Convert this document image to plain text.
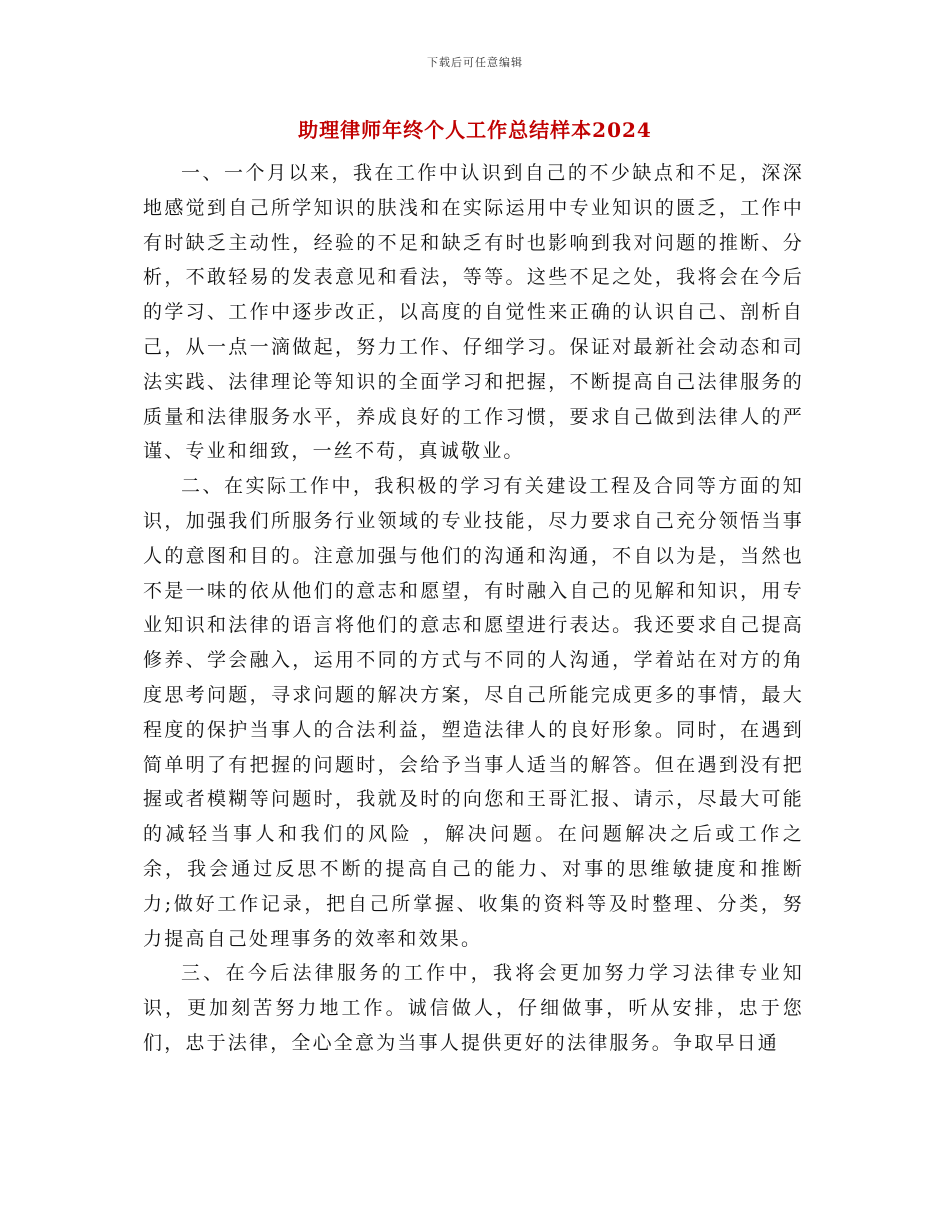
下载后可任意编辑
助理律师年终个人工作总结样本2024

一、一个月以来，我在工作中认识到自己的不少缺点和不足，深深地感觉到自己所学知识的肤浅和在实际运用中专业知识的匮乏，工作中有时缺乏主动性，经验的不足和缺乏有时也影响到我对问题的推断、分析，不敢轻易的发表意见和看法，等等。这些不足之处，我将会在今后的学习、工作中逐步改正，以高度的自觉性来正确的认识自己、剖析自己，从一点一滴做起，努力工作、仔细学习。保证对最新社会动态和司法实践、法律理论等知识的全面学习和把握，不断提高自己法律服务的质量和法律服务水平，养成良好的工作习惯，要求自己做到法律人的严谨、专业和细致，一丝不苟，真诚敬业。

二、在实际工作中，我积极的学习有关建设工程及合同等方面的知识，加强我们所服务行业领域的专业技能，尽力要求自己充分领悟当事人的意图和目的。注意加强与他们的沟通和沟通，不自以为是，当然也不是一味的依从他们的意志和愿望，有时融入自己的见解和知识，用专业知识和法律的语言将他们的意志和愿望进行表达。我还要求自己提高修养、学会融入，运用不同的方式与不同的人沟通，学着站在对方的角度思考问题，寻求问题的解决方案，尽自己所能完成更多的事情，最大程度的保护当事人的合法利益，塑造法律人的良好形象。同时，在遇到简单明了有把握的问题时，会给予当事人适当的解答。但在遇到没有把握或者模糊等问题时，我就及时的向您和王哥汇报、请示，尽最大可能的减轻当事人和我们的风险 ，解决问题。在问题解决之后或工作之余，我会通过反思不断的提高自己的能力、对事的思维敏捷度和推断力;做好工作记录，把自己所掌握、收集的资料等及时整理、分类，努力提高自己处理事务的效率和效果。

三、在今后法律服务的工作中，我将会更加努力学习法律专业知识，更加刻苦努力地工作。诚信做人，仔细做事，听从安排，忠于您们，忠于法律，全心全意为当事人提供更好的法律服务。争取早日通
